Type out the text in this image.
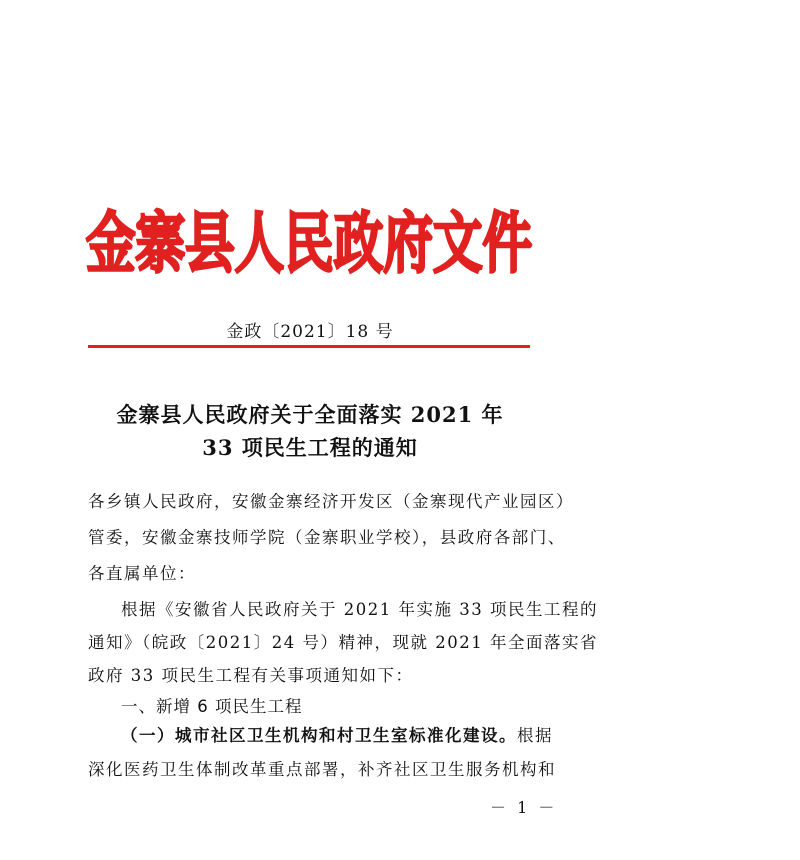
金寨县人民政府文件

金政〔2021〕18 号

金寨县人民政府关于全面落实 2021 年

33 项民生工程的通知

各乡镇人民政府，安徽金寨经济开发区（金寨现代产业园区）

管委，安徽金寨技师学院（金寨职业学校），县政府各部门、

各直属单位：

根据《安徽省人民政府关于 2021 年实施 33 项民生工程的

通知》（皖政〔2021〕24 号）精神，现就 2021 年全面落实省

政府 33 项民生工程有关事项通知如下：

一、新增 6 项民生工程

（一）城市社区卫生机构和村卫生室标准化建设。根据

深化医药卫生体制改革重点部署，补齐社区卫生服务机构和

－ 1 －
